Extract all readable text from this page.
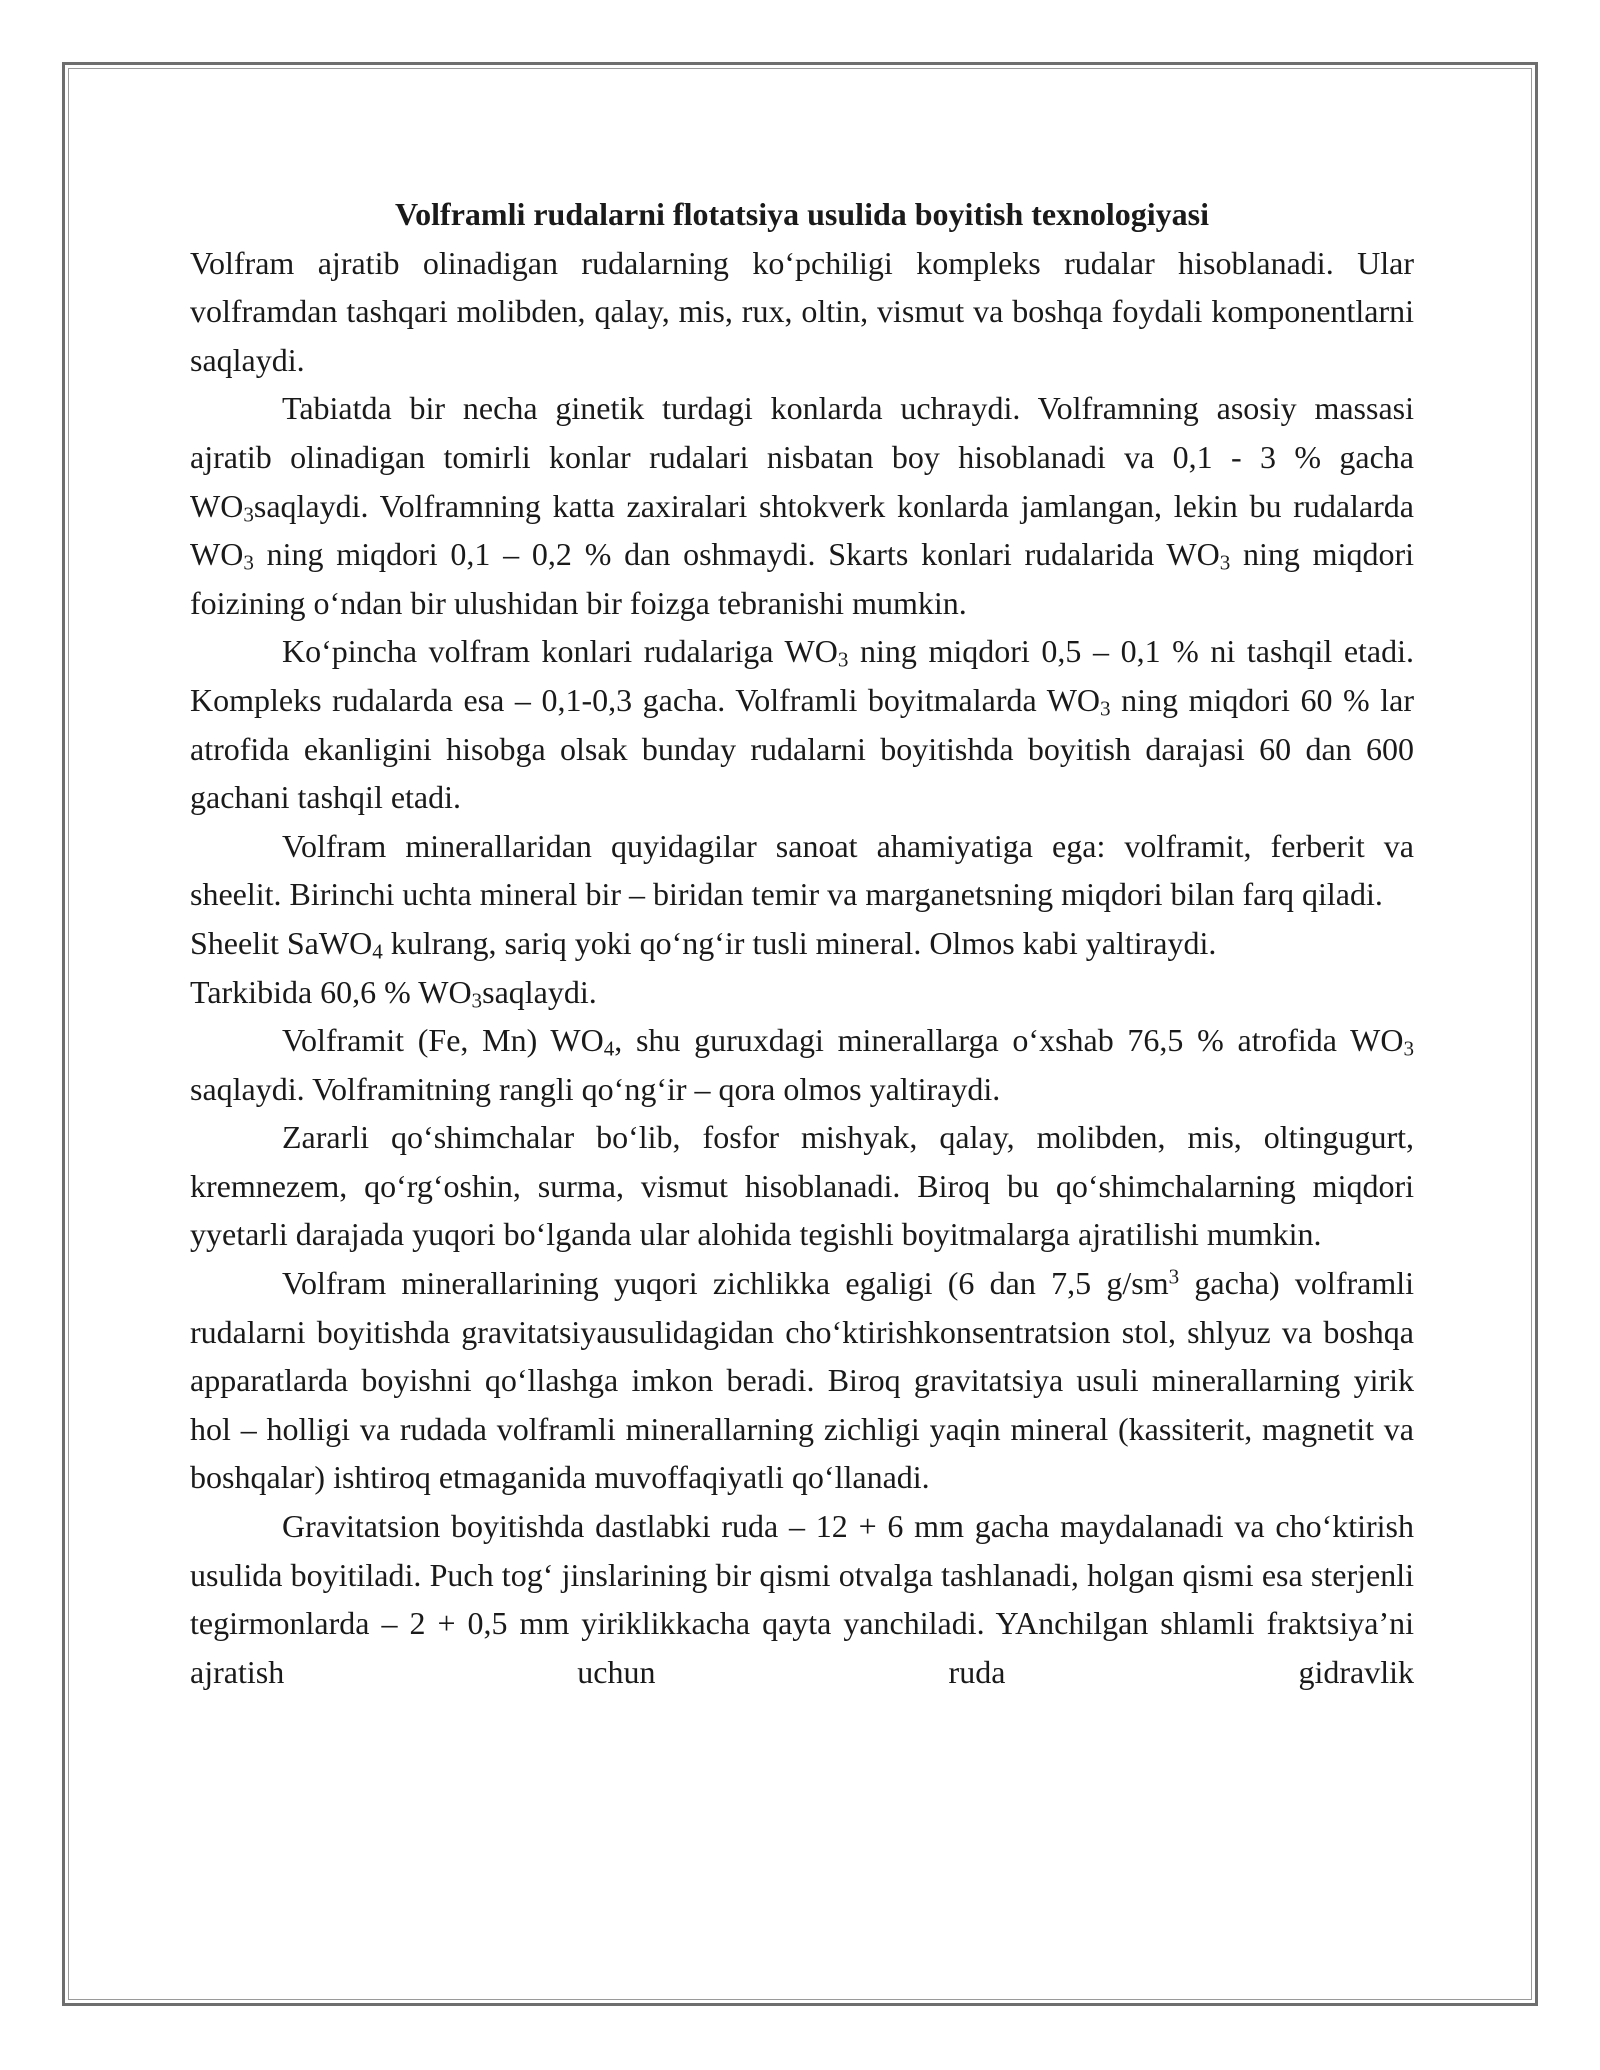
Volframli rudalarni flotatsiya usulida boyitish texnologiyasi

Volfram ajratib olinadigan rudalarning ko‘pchiligi kompleks rudalar hisoblanadi. Ular volframdan tashqari molibden, qalay, mis, rux, oltin, vismut va boshqa foydali komponentlarni saqlaydi.

Tabiatda bir necha ginetik turdagi konlarda uchraydi. Volframning asosiy massasi ajratib olinadigan tomirli konlar rudalari nisbatan boy hisoblanadi va 0,1 - 3 % gacha $WO_3saqlaydi$. Volframning katta zaxiralari shtokverk konlarda jamlangan, lekin bu rudalarda $WO_3$ ning miqdori 0,1 – 0,2 % dan oshmaydi. Skarts konlari rudalarida $WO_3$ ning miqdori foizining o‘ndan bir ulushidan bir foizga tebranishi mumkin.

Ko‘pincha volfram konlari rudalariga $WO_3$ ning miqdori 0,5 – 0,1 % ni tashqil etadi. Kompleks rudalarda esa – 0,1-0,3 gacha. Volframli boyitmalarda $WO_3$ ning miqdori 60 % lar atrofida ekanligini hisobga olsak bunday rudalarni boyitishda boyitish darajasi 60 dan 600 gachani tashqil etadi.

Volfram minerallaridan quyidagilar sanoat ahamiyatiga ega: volframit, ferberit va sheelit. Birinchi uchta mineral bir – biridan temir va marganetsning miqdori bilan farq qiladi.

Sheelit SaWO$_4$ kulrang, sariq yoki qo‘ng‘ir tusli mineral. Olmos kabi yaltiraydi.

Tarkibida 60,6 % $WO_3saqlaydi$.

Volframit (Fe, Mn) $WO_4$, shu guruxdagi minerallarga o‘xshab 76,5 % atrofida $WO_3$ saqlaydi. Volframitning rangli qo‘ng‘ir – qora olmos yaltiraydi.

Zararli qo‘shimchalar bo‘lib, fosfor mishyak, qalay, molibden, mis, oltingugurt, kremnezem, qo‘rg‘oshin, surma, vismut hisoblanadi. Biroq bu qo‘shimchalarning miqdori yyetarli darajada yuqori bo‘lganda ular alohida tegishli boyitmalarga ajratilishi mumkin.

Volfram minerallarining yuqori zichlikka egaligi (6 dan 7,5 $g/sm^3$ gacha) volframli rudalarni boyitishda gravitatsiyausulidagidan cho‘ktirishkonsentratsion stol, shlyuz va boshqa apparatlarda boyishni qo‘llashga imkon beradi. Biroq gravitatsiya usuli minerallarning yirik hol – holligi va rudada volframli minerallarning zichligi yaqin mineral (kassiterit, magnetit va boshqalar) ishtiroq etmaganida muvoffaqiyatli qo‘llanadi.

Gravitatsion boyitishda dastlabki ruda – 12 + 6 mm gacha maydalanadi va cho‘ktirish usulida boyitiladi. Puch tog‘ jinslarining bir qismi otvalga tashlanadi, holgan qismi esa sterjenli tegirmonlarda – 2 + 0,5 mm yiriklikkacha qayta yanchiladi. YAnchilgan shlamli fraktsiya’ni ajratish uchun ruda gidravlik
